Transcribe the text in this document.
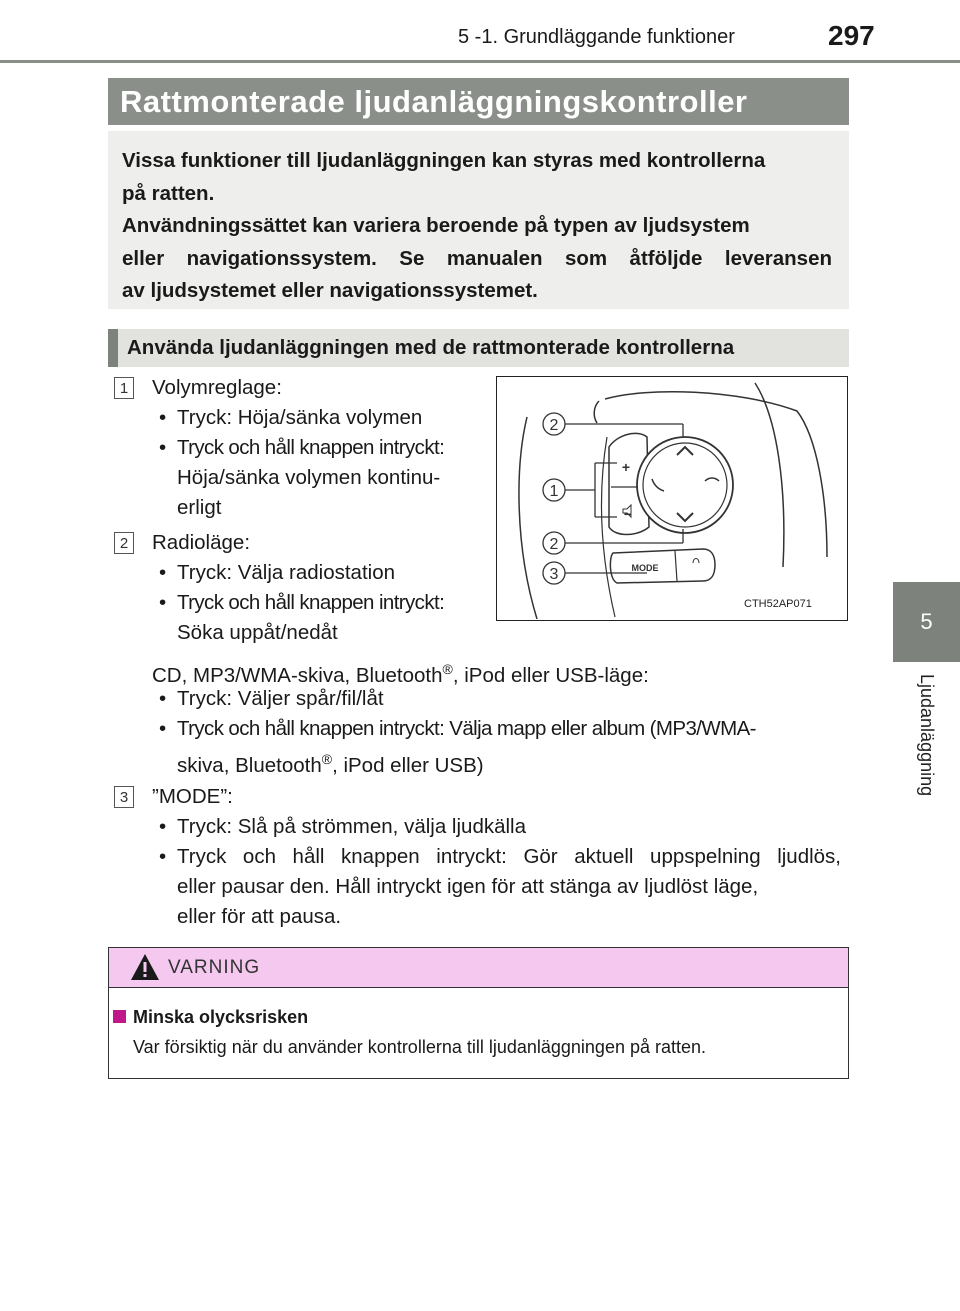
5 -1. Grundläggande funktioner	297
5
Ljudanläggning
Rattmonterade ljudanläggningskontroller
Vissa funktioner till ljudanläggningen kan styras med kontrollerna
på ratten.
Användningssättet kan variera beroende på typen av ljudsystem
eller navigationssystem. Se manualen som åtföljde leveransen
av ljudsystemet eller navigationssystemet.
Använda ljudanläggningen med de rattmonterade kontrollerna
1 Volymreglage:
• Tryck: Höja/sänka volymen
• Tryck och håll knappen intryckt:
Höja/sänka volymen kontinu-
erligt
2 Radioläge:
• Tryck: Välja radiostation
• Tryck och håll knappen intryckt:
Söka uppåt/nedåt
CD, MP3/WMA-skiva, Bluetooth®, iPod eller USB-läge:
• Tryck: Väljer spår/fil/låt
• Tryck och håll knappen intryckt: Välja mapp eller album (MP3/WMA-
skiva, Bluetooth®, iPod eller USB)
3 ”MODE”:
• Tryck: Slå på strömmen, välja ljudkälla
• Tryck och håll knappen intryckt: Gör aktuell uppspelning ljudlös,
eller pausar den. Håll intryckt igen för att stänga av ljudlöst läge,
eller för att pausa.
2
1
2
3
+
−
MODE
CTH52AP071
VARNING
Minska olycksrisken
Var försiktig när du använder kontrollerna till ljudanläggningen på ratten.
